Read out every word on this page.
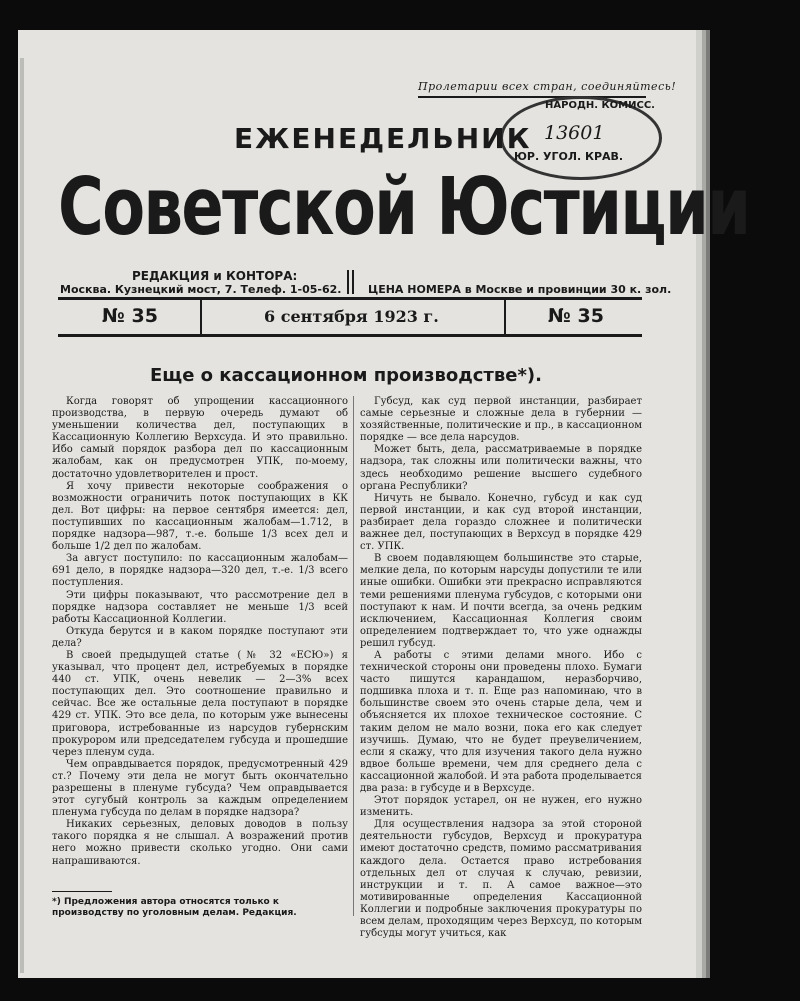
Пролетарии всех стран, соединяйтесь!
НАРОДН. КОМИСС.
13601
ЮР. УГОЛ. КРАВ.
ЕЖЕНЕДЕЛЬНИК
Советской Юстиции
РЕДАКЦИЯ и КОНТОРА:
Москва. Кузнецкий мост, 7. Телеф. 1-05-62. ЦЕНА НОМЕРА в Москве и провинции 30 к. зол.
№ 35	6 сентября 1923 г.	№ 35
Еще о кассационном производстве*).

Когда говорят об упрощении кассационного производства, в первую очередь думают об уменьшении количества дел, поступающих в Кассационную Коллегию Верхсуда. И это правильно. Ибо самый порядок разбора дел по кассационным жалобам, как он предусмотрен УПК, по-моему, достаточно удовлетворителен и прост.

Я хочу привести некоторые соображения о возможности ограничить поток поступающих в КК дел. Вот цифры: на первое сентября имеется: дел, поступивших по кассационным жалобам—1.712, в порядке надзора—987, т.-е. больше 1/3 всех дел и больше 1/2 дел по жалобам.

За август поступило: по кассационным жалобам—691 дело, в порядке надзора—320 дел, т.-е. 1/3 всего поступления.

Эти цифры показывают, что рассмотрение дел в порядке надзора составляет не меньше 1/3 всей работы Кассационной Коллегии.

Откуда берутся и в каком порядке поступают эти дела?

В своей предыдущей статье (№ 32 «ЕСЮ») я указывал, что процент дел, истребуемых в порядке 440 ст. УПК, очень невелик — 2—3% всех поступающих дел. Это соотношение правильно и сейчас. Все же остальные дела поступают в порядке 429 ст. УПК. Это все дела, по которым уже вынесены приговора, истребованные из нарсудов губернским прокурором или председателем губсуда и прошедшие через пленум суда.

Чем оправдывается порядок, предусмотренный 429 ст.? Почему эти дела не могут быть окончательно разрешены в пленуме губсуда? Чем оправдывается этот сугубый контроль за каждым определением пленума губсуда по делам в порядке надзора?

Никаких серьезных, деловых доводов в пользу такого порядка я не слышал. А возражений против него можно привести сколько угодно. Они сами напрашиваются.

Губсуд, как суд первой инстанции, разбирает самые серьезные и сложные дела в губернии — хозяйственные, политические и пр., в кассационном порядке — все дела нарсудов.

Может быть, дела, рассматриваемые в порядке надзора, так сложны или политически важны, что здесь необходимо решение высшего судебного органа Республики?

Ничуть не бывало. Конечно, губсуд и как суд первой инстанции, и как суд второй инстанции, разбирает дела гораздо сложнее и политически важнее дел, поступающих в Верхсуд в порядке 429 ст. УПК.

В своем подавляющем большинстве это старые, мелкие дела, по которым нарсуды допустили те или иные ошибки. Ошибки эти прекрасно исправляются теми решениями пленума губсудов, с которыми они поступают к нам. И почти всегда, за очень редким исключением, Кассационная Коллегия своим определением подтверждает то, что уже однажды решил губсуд.

А работы с этими делами много. Ибо с технической стороны они проведены плохо. Бумаги часто пишутся карандашом, неразборчиво, подшивка плоха и т. п. Еще раз напоминаю, что в большинстве своем это очень старые дела, чем и объясняется их плохое техническое состояние. С таким делом не мало возни, пока его как следует изучишь. Думаю, что не будет преувеличением, если я скажу, что для изучения такого дела нужно вдвое больше времени, чем для среднего дела с кассационной жалобой. И эта работа проделывается два раза: в губсуде и в Верхсуде.

Этот порядок устарел, он не нужен, его нужно изменить.

Для осуществления надзора за этой стороной деятельности губсудов, Верхсуд и прокуратура имеют достаточно средств, помимо рассматривания каждого дела. Остается право истребования отдельных дел от случая к случаю, ревизии, инструкции и т. п. А самое важное—это мотивированные определения Кассационной Коллегии и подробные заключения прокуратуры по всем делам, проходящим через Верхсуд, по которым губсуды могут учиться, как

*) Предложения автора относятся только к производству по уголовным делам. Редакция.
